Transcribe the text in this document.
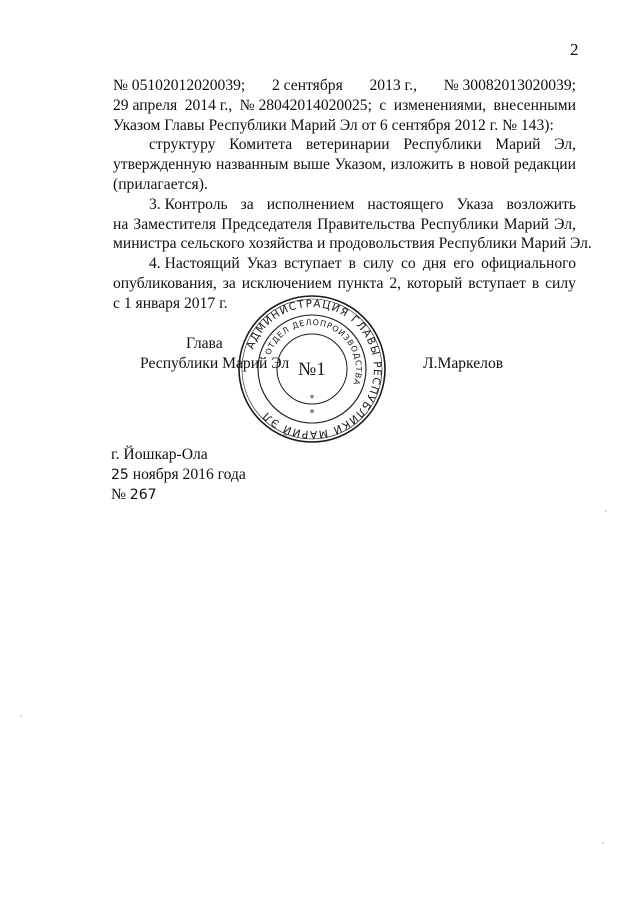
2
№ 05102012020039; 2 сентября 2013 г., № 30082013020039;
29 апреля 2014 г., № 28042014020025; с изменениями, внесенными
Указом Главы Республики Марий Эл от 6 сентября 2012 г. № 143):
структуру Комитета ветеринарии Республики Марий Эл,
утвержденную названным выше Указом, изложить в новой редакции
(прилагается).
3. Контроль за исполнением настоящего Указа возложить
на Заместителя Председателя Правительства Республики Марий Эл,
министра сельского хозяйства и продовольствия Республики Марий Эл.
4. Настоящий Указ вступает в силу со дня его официального
опубликования, за исключением пункта 2, который вступает в силу
с 1 января 2017 г.
Глава
Республики Марий Эл	Л.Маркелов
АДМИНИСТРАЦИЯ ГЛАВЫ РЕСПУБЛИКИ МАРИЙ ЭЛ
ОТДЕЛ ДЕЛОПРОИЗВОДСТВА
№1
*
*
г. Йошкар-Ола
25 ноября 2016 года
№ 267
